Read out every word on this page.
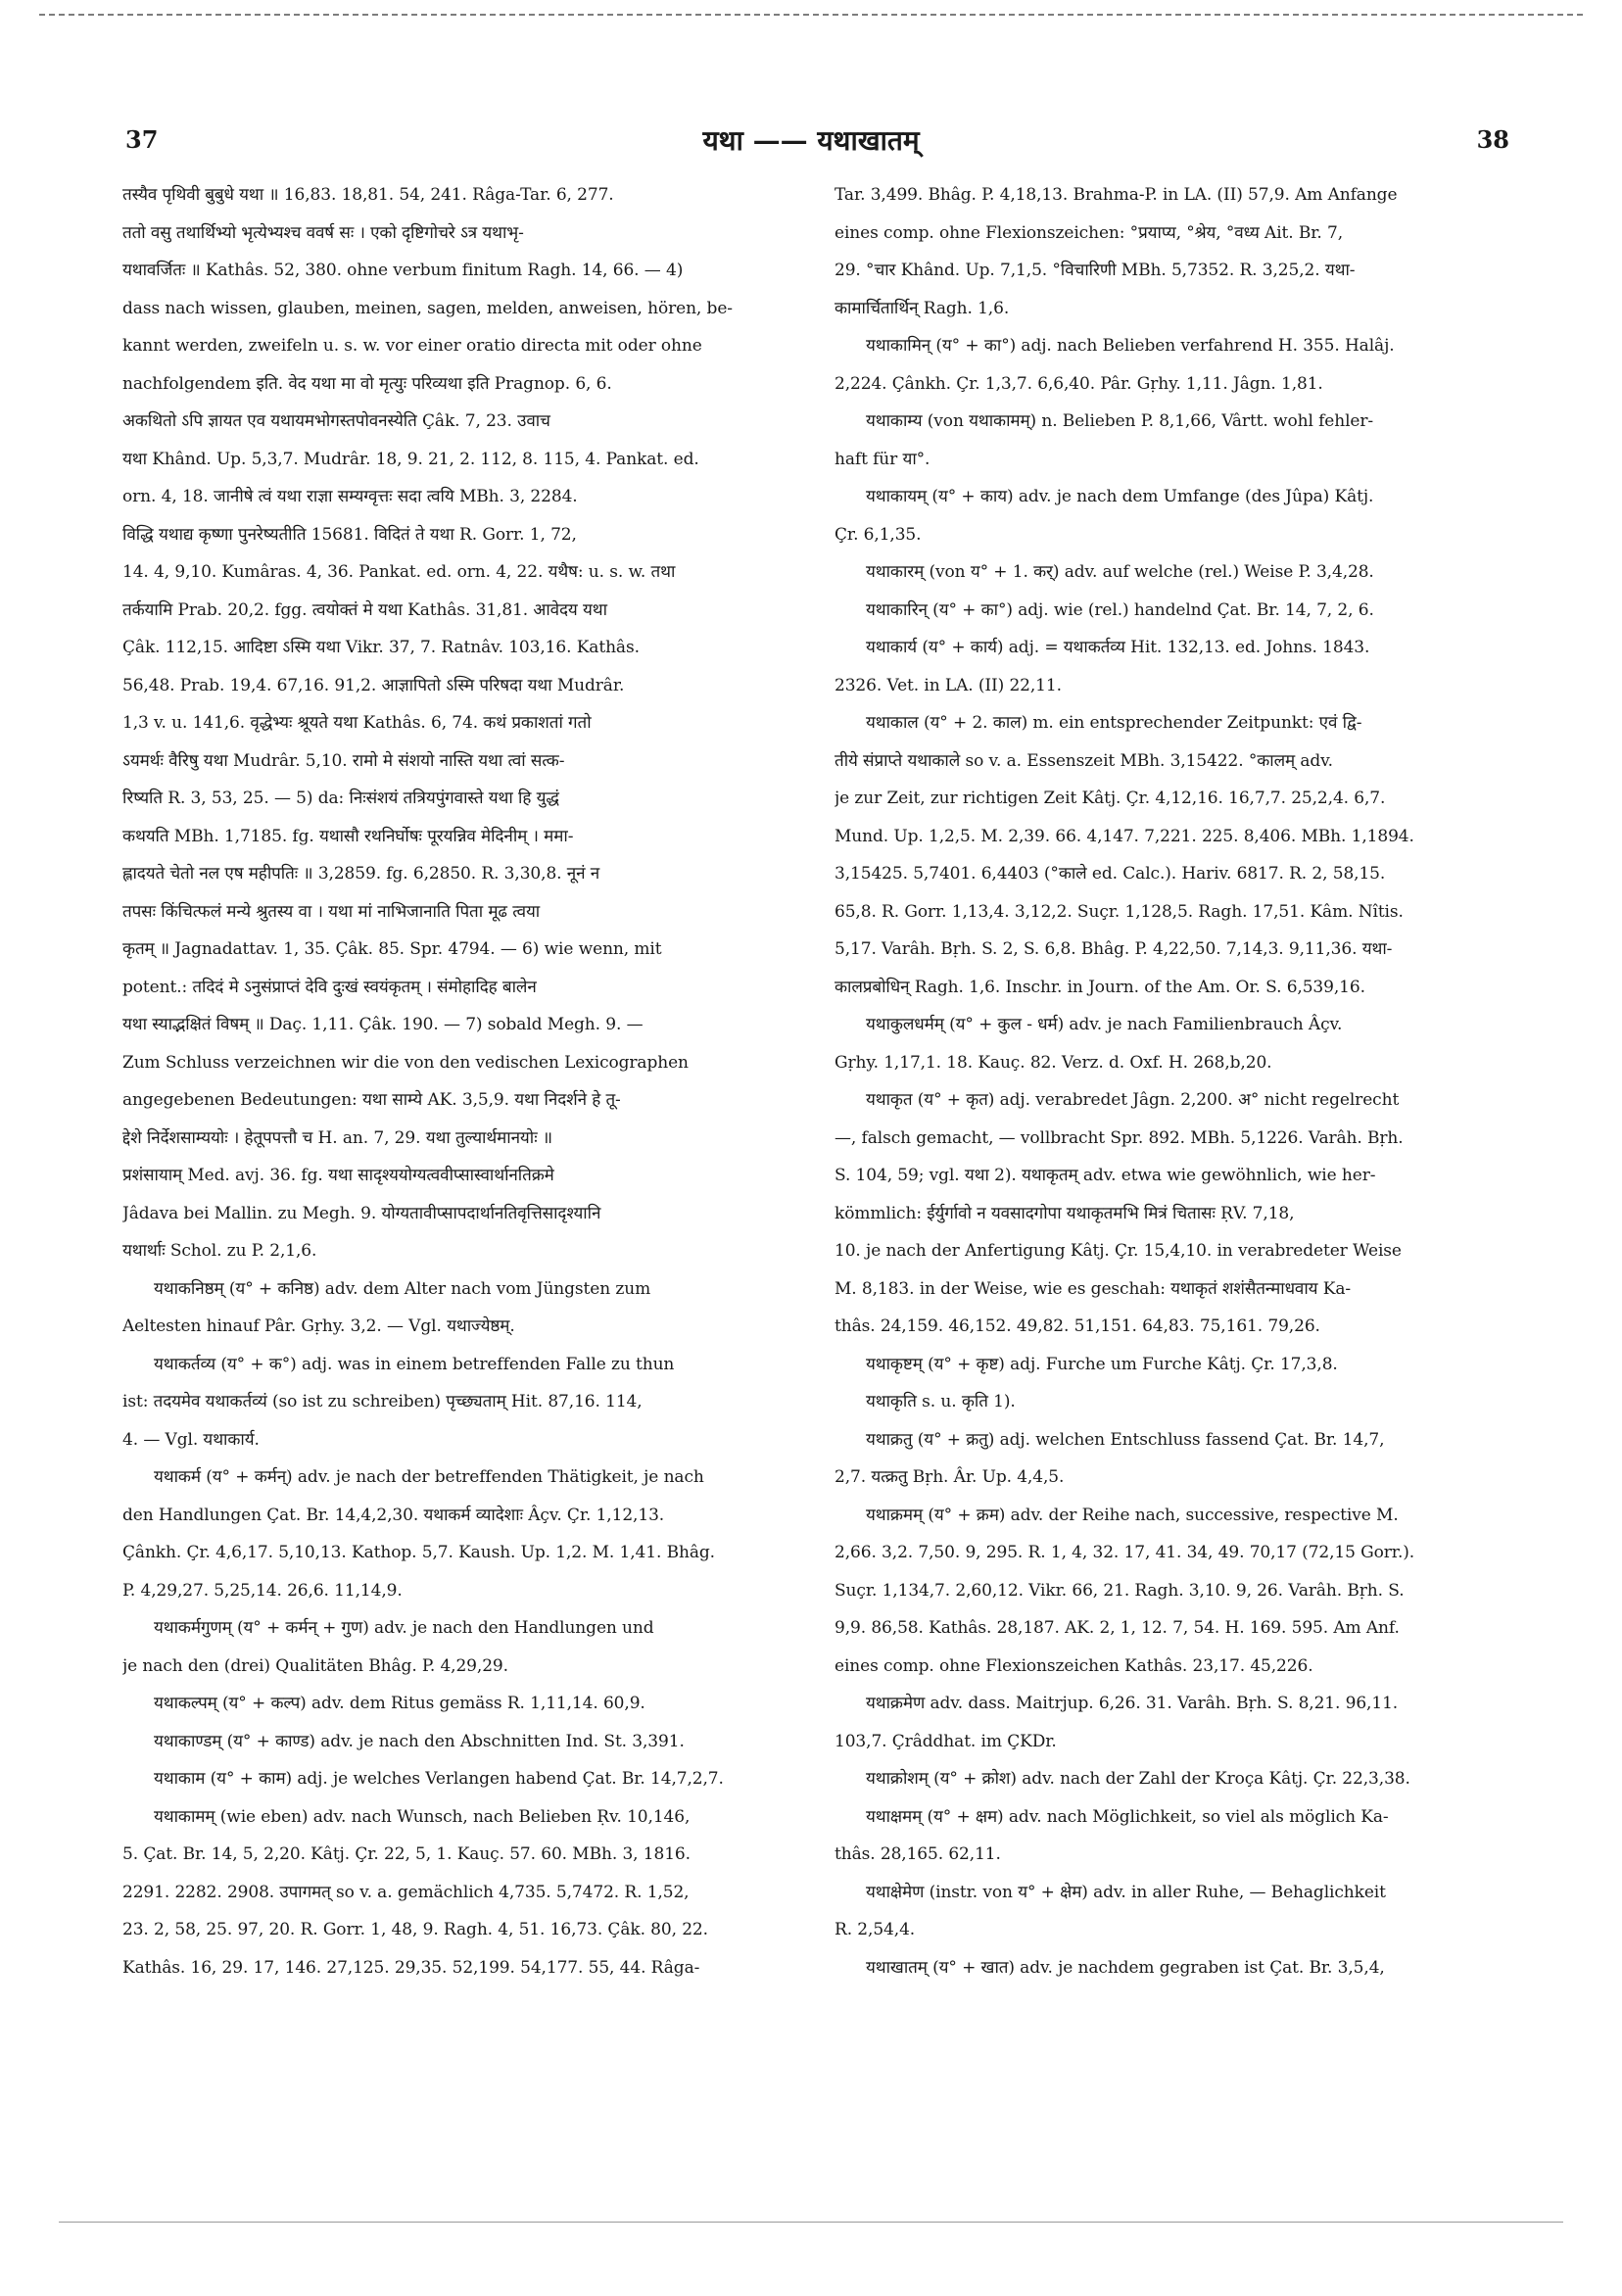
37	यथा —— यथाखातम्	38
तस्यैव पृथिवी बुबुधे यथा ॥ 16,83. 18,81. 54, 241. Râga-Tar. 6, 277.
ततो वसु तथार्थिभ्यो भृत्येभ्यश्च ववर्ष सः । एको दृष्टिगोचरे ऽत्र यथाभृ-
यथावर्जितः ॥ Kathâs. 52, 380. ohne verbum finitum Ragh. 14, 66. — 4)
dass nach wissen, glauben, meinen, sagen, melden, anweisen, hören, be-
kannt werden, zweifeln u. s. w. vor einer oratio directa mit oder ohne
nachfolgendem इति. वेद यथा मा वो मृत्युः परिव्यथा इति Pragnop. 6, 6.
अकथितो ऽपि ज्ञायत एव यथायमभोगस्तपोवनस्येति Çâk. 7, 23. उवाच
यथा Khând. Up. 5,3,7. Mudrâr. 18, 9. 21, 2. 112, 8. 115, 4. Pankat. ed.
orn. 4, 18. जानीषे त्वं यथा राज्ञा सम्यग्वृत्तः सदा त्वयि MBh. 3, 2284.
विद्धि यथाद्य कृष्णा पुनरेष्यतीति 15681. विदितं ते यथा R. Gorr. 1, 72,
14. 4, 9,10. Kumâras. 4, 36. Pankat. ed. orn. 4, 22. यथैष: u. s. w. तथा
तर्कयामि Prab. 20,2. fgg. त्वयोक्तं मे यथा Kathâs. 31,81. आवेदय यथा
Çâk. 112,15. आदिष्टा ऽस्मि यथा Vikr. 37, 7. Ratnâv. 103,16. Kathâs.
56,48. Prab. 19,4. 67,16. 91,2. आज्ञापितो ऽस्मि परिषदा यथा Mudrâr.
1,3 v. u. 141,6. वृद्धेभ्यः श्रूयते यथा Kathâs. 6, 74. कथं प्रकाशतां गतो
ऽयमर्थः वैरिषु यथा Mudrâr. 5,10. रामो मे संशयो नास्ति यथा त्वां सत्क-
रिष्यति R. 3, 53, 25. — 5) da: निःसंशयं तत्रियपुंगवास्ते यथा हि युद्धं
कथयति MBh. 1,7185. fg. यथासौ रथनिर्घोषः पूरयन्निव मेदिनीम् । ममा-
ह्लादयते चेतो नल एष महीपतिः ॥ 3,2859. fg. 6,2850. R. 3,30,8. नूनं न
तपसः किंचित्फलं मन्ये श्रुतस्य वा । यथा मां नाभिजानाति पिता मूढ त्वया
कृतम् ॥ Jagnadattav. 1, 35. Çâk. 85. Spr. 4794. — 6) wie wenn, mit
potent.: तदिदं मे ऽनुसंप्राप्तं देवि दुःखं स्वयंकृतम् । संमोहादिह बालेन
यथा स्याद्भक्षितं विषम् ॥ Daç. 1,11. Çâk. 190. — 7) sobald Megh. 9. —
Zum Schluss verzeichnen wir die von den vedischen Lexicographen
angegebenen Bedeutungen: यथा साम्ये AK. 3,5,9. यथा निदर्शने हे तू-
द्देशे निर्देशसाम्ययोः । हेतूपपत्तौ च H. an. 7, 29. यथा तुल्यार्थमानयोः ॥
प्रशंसायाम् Med. avj. 36. fg. यथा सादृश्ययोग्यत्ववीप्सास्वार्थानतिक्रमे
Jâdava bei Mallin. zu Megh. 9. योग्यतावीप्सापदार्थानतिवृत्तिसादृश्यानि
यथार्थाः Schol. zu P. 2,1,6.
यथाकनिष्ठम् (य° + कनिष्ठ) adv. dem Alter nach vom Jüngsten zum
Aeltesten hinauf Pâr. Gṛhy. 3,2. — Vgl. यथाज्येष्ठम्.
यथाकर्तव्य (य° + क°) adj. was in einem betreffenden Falle zu thun
ist: तदयमेव यथाकर्तव्यं (so ist zu schreiben) पृच्छ्यताम् Hit. 87,16. 114,
4. — Vgl. यथाकार्य.
यथाकर्म (य° + कर्मन्) adv. je nach der betreffenden Thätigkeit, je nach
den Handlungen Çat. Br. 14,4,2,30. यथाकर्म व्यादेशाः Âçv. Çr. 1,12,13.
Çânkh. Çr. 4,6,17. 5,10,13. Kathop. 5,7. Kaush. Up. 1,2. M. 1,41. Bhâg.
P. 4,29,27. 5,25,14. 26,6. 11,14,9.
यथाकर्मगुणम् (य° + कर्मन् + गुण) adv. je nach den Handlungen und
je nach den (drei) Qualitäten Bhâg. P. 4,29,29.
यथाकल्पम् (य° + कल्प) adv. dem Ritus gemäss R. 1,11,14. 60,9.
यथाकाण्डम् (य° + काण्ड) adv. je nach den Abschnitten Ind. St. 3,391.
यथाकाम (य° + काम) adj. je welches Verlangen habend Çat. Br. 14,7,2,7.
यथाकामम् (wie eben) adv. nach Wunsch, nach Belieben Ṛv. 10,146,
5. Çat. Br. 14, 5, 2,20. Kâtj. Çr. 22, 5, 1. Kauç. 57. 60. MBh. 3, 1816.
2291. 2282. 2908. उपागमत् so v. a. gemächlich 4,735. 5,7472. R. 1,52,
23. 2, 58, 25. 97, 20. R. Gorr. 1, 48, 9. Ragh. 4, 51. 16,73. Çâk. 80, 22.
Kathâs. 16, 29. 17, 146. 27,125. 29,35. 52,199. 54,177. 55, 44. Râga-
Tar. 3,499. Bhâg. P. 4,18,13. Brahma-P. in LA. (II) 57,9. Am Anfange
eines comp. ohne Flexionszeichen: °प्रयाप्य, °श्रेय, °वध्य Ait. Br. 7,
29. °चार Khând. Up. 7,1,5. °विचारिणी MBh. 5,7352. R. 3,25,2. यथा-
कामार्चितार्थिन् Ragh. 1,6.
यथाकामिन् (य° + का°) adj. nach Belieben verfahrend H. 355. Halâj.
2,224. Çânkh. Çr. 1,3,7. 6,6,40. Pâr. Gṛhy. 1,11. Jâgn. 1,81.
यथाकाम्य (von यथाकामम्) n. Belieben P. 8,1,66, Vârtt. wohl fehler-
haft für या°.
यथाकायम् (य° + काय) adv. je nach dem Umfange (des Jûpa) Kâtj.
Çr. 6,1,35.
यथाकारम् (von य° + 1. कर्) adv. auf welche (rel.) Weise P. 3,4,28.
यथाकारिन् (य° + का°) adj. wie (rel.) handelnd Çat. Br. 14, 7, 2, 6.
यथाकार्य (य° + कार्य) adj. = यथाकर्तव्य Hit. 132,13. ed. Johns. 1843.
2326. Vet. in LA. (II) 22,11.
यथाकाल (य° + 2. काल) m. ein entsprechender Zeitpunkt: एवं द्वि-
तीये संप्राप्ते यथाकाले so v. a. Essenszeit MBh. 3,15422. °कालम् adv.
je zur Zeit, zur richtigen Zeit Kâtj. Çr. 4,12,16. 16,7,7. 25,2,4. 6,7.
Mund. Up. 1,2,5. M. 2,39. 66. 4,147. 7,221. 225. 8,406. MBh. 1,1894.
3,15425. 5,7401. 6,4403 (°काले ed. Calc.). Hariv. 6817. R. 2, 58,15.
65,8. R. Gorr. 1,13,4. 3,12,2. Suçr. 1,128,5. Ragh. 17,51. Kâm. Nîtis.
5,17. Varâh. Bṛh. S. 2, S. 6,8. Bhâg. P. 4,22,50. 7,14,3. 9,11,36. यथा-
कालप्रबोधिन् Ragh. 1,6. Inschr. in Journ. of the Am. Or. S. 6,539,16.
यथाकुलधर्मम् (य° + कुल - धर्म) adv. je nach Familienbrauch Âçv.
Gṛhy. 1,17,1. 18. Kauç. 82. Verz. d. Oxf. H. 268,b,20.
यथाकृत (य° + कृत) adj. verabredet Jâgn. 2,200. अ° nicht regelrecht
—, falsch gemacht, — vollbracht Spr. 892. MBh. 5,1226. Varâh. Bṛh.
S. 104, 59; vgl. यथा 2). यथाकृतम् adv. etwa wie gewöhnlich, wie her-
kömmlich: ईर्युर्गावो न यवसादगोपा यथाकृतमभि मित्रं चितासः ṚV. 7,18,
10. je nach der Anfertigung Kâtj. Çr. 15,4,10. in verabredeter Weise
M. 8,183. in der Weise, wie es geschah: यथाकृतं शशंसैतन्माधवाय Ka-
thâs. 24,159. 46,152. 49,82. 51,151. 64,83. 75,161. 79,26.
यथाकृष्टम् (य° + कृष्ट) adj. Furche um Furche Kâtj. Çr. 17,3,8.
यथाकृति s. u. कृति 1).
यथाक्रतु (य° + क्रतु) adj. welchen Entschluss fassend Çat. Br. 14,7,
2,7. यत्क्रतु Bṛh. Âr. Up. 4,4,5.
यथाक्रमम् (य° + क्रम) adv. der Reihe nach, successive, respective M.
2,66. 3,2. 7,50. 9, 295. R. 1, 4, 32. 17, 41. 34, 49. 70,17 (72,15 Gorr.).
Suçr. 1,134,7. 2,60,12. Vikr. 66, 21. Ragh. 3,10. 9, 26. Varâh. Bṛh. S.
9,9. 86,58. Kathâs. 28,187. AK. 2, 1, 12. 7, 54. H. 169. 595. Am Anf.
eines comp. ohne Flexionszeichen Kathâs. 23,17. 45,226.
यथाक्रमेण adv. dass. Maitrjup. 6,26. 31. Varâh. Bṛh. S. 8,21. 96,11.
103,7. Çrâddhat. im ÇKDr.
यथाक्रोशम् (य° + क्रोश) adv. nach der Zahl der Kroça Kâtj. Çr. 22,3,38.
यथाक्षमम् (य° + क्षम) adv. nach Möglichkeit, so viel als möglich Ka-
thâs. 28,165. 62,11.
यथाक्षेमेण (instr. von य° + क्षेम) adv. in aller Ruhe, — Behaglichkeit
R. 2,54,4.
यथाखातम् (य° + खात) adv. je nachdem gegraben ist Çat. Br. 3,5,4,
